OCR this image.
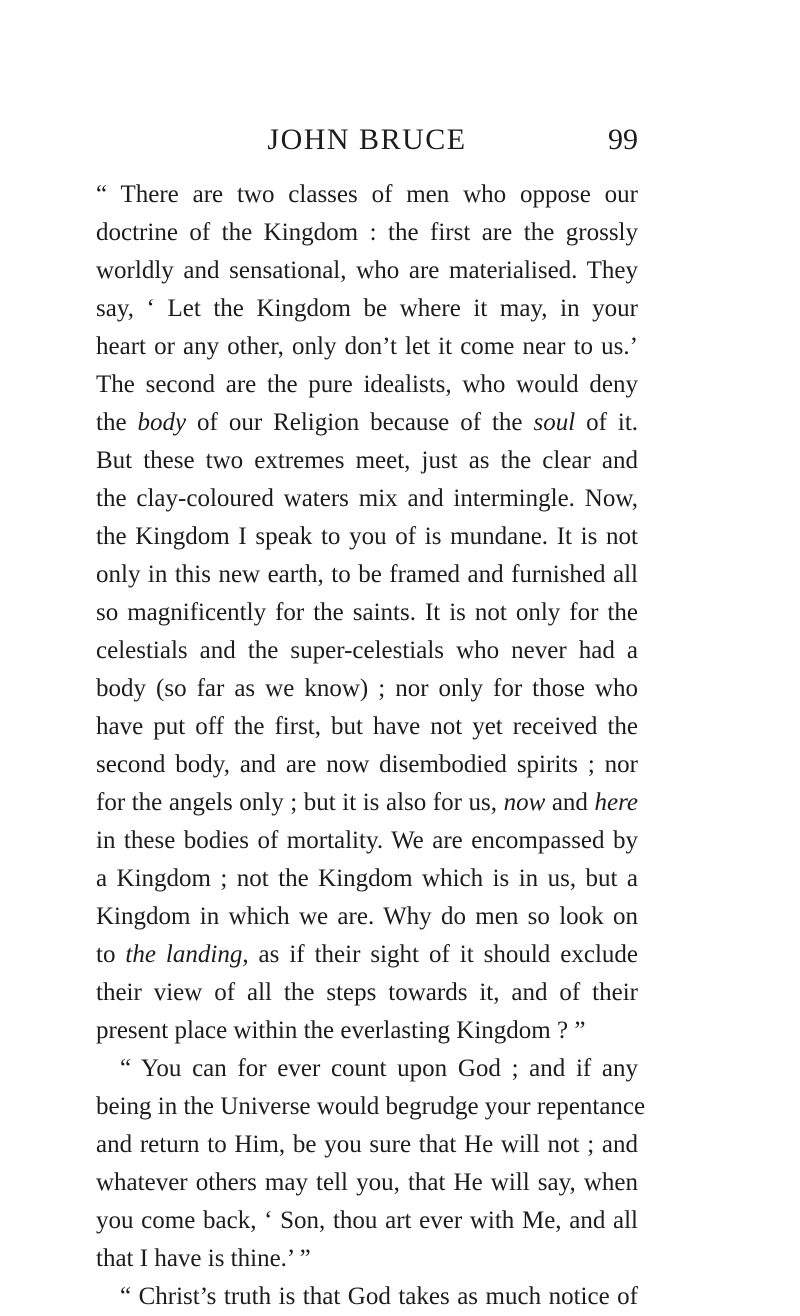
JOHN BRUCE	99
“ There are two classes of men who oppose our
doctrine of the Kingdom : the first are the grossly
worldly and sensational, who are materialised. They
say, ‘ Let the Kingdom be where it may, in your
heart or any other, only don’t let it come near to us.’
The second are the pure idealists, who would deny
the body of our Religion because of the soul of it.
But these two extremes meet, just as the clear and
the clay-coloured waters mix and intermingle. Now,
the Kingdom I speak to you of is mundane. It is not
only in this new earth, to be framed and furnished all
so magnificently for the saints. It is not only for the
celestials and the super-celestials who never had a
body (so far as we know) ; nor only for those who
have put off the first, but have not yet received the
second body, and are now disembodied spirits ; nor
for the angels only ; but it is also for us, now and here
in these bodies of mortality. We are encompassed by
a Kingdom ; not the Kingdom which is in us, but a
Kingdom in which we are. Why do men so look on
to the landing, as if their sight of it should exclude
their view of all the steps towards it, and of their
present place within the everlasting Kingdom ? ”
“ You can for ever count upon God ; and if any
being in the Universe would begrudge your repentance
and return to Him, be you sure that He will not ; and
whatever others may tell you, that He will say, when
you come back, ‘ Son, thou art ever with Me, and all
that I have is thine.’ ”
“ Christ’s truth is that God takes as much notice of
